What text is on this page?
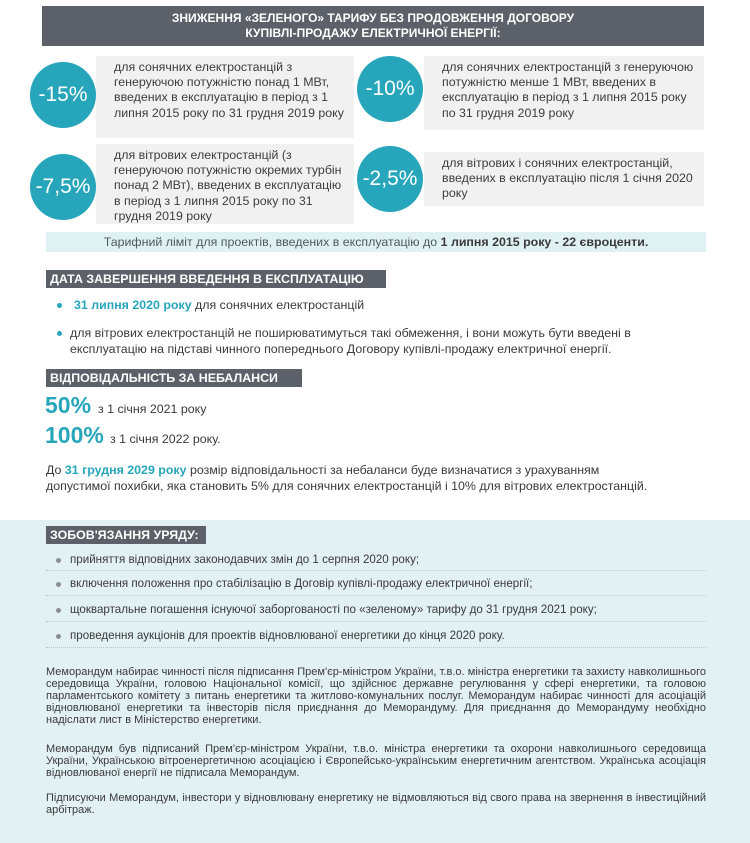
ЗНИЖЕННЯ «ЗЕЛЕНОГО» ТАРИФУ БЕЗ ПРОДОВЖЕННЯ ДОГОВОРУ
КУПІВЛІ-ПРОДАЖУ ЕЛЕКТРИЧНОЇ ЕНЕРГІЇ:
для сонячних електростанцій з генеруючою потужністю понад 1 МВт, введених в експлуатацію в період з 1 липня 2015 року по 31 грудня 2019 року
-15%
для сонячних електростанцій з генеруючою потужністю менше 1 МВт, введених в експлуатацію в період з 1 липня 2015 року по 31 грудня 2019 року
-10%
для вітрових електростанцій (з генеруючою потужністю окремих турбін понад 2 МВт), введених в експлуатацію в період з 1 липня 2015 року по 31 грудня 2019 року
-7,5%
для вітрових і сонячних електростанцій, введених в експлуатацію після 1 січня 2020 року
-2,5%
Тарифний ліміт для проектів, введених в експлуатацію до 1 липня 2015 року - 22 євроценти.
ДАТА ЗАВЕРШЕННЯ ВВЕДЕННЯ В ЕКСПЛУАТАЦІЮ
31 липня 2020 року для сонячних електростанцій
для вітрових електростанцій не поширюватимуться такі обмеження, і вони можуть бути введені в
експлуатацію на підставі чинного попереднього Договору купівлі-продажу електричної енергії.
ВІДПОВІДАЛЬНІСТЬ ЗА НЕБАЛАНСИ
50% з 1 січня 2021 року
100% з 1 січня 2022 року.
До 31 грудня 2029 року розмір відповідальності за небаланси буде визначатися з урахуванням
допустимої похибки, яка становить 5% для сонячних електростанцій і 10% для вітрових електростанцій.
ЗОБОВ'ЯЗАННЯ УРЯДУ:
прийняття відповідних законодавчих змін до 1 серпня 2020 року;
включення положення про стабілізацію в Договір купівлі-продажу електричної енергії;
щоквартальне погашення існуючої заборгованості по «зеленому» тарифу до 31 грудня 2021 року;
проведення аукціонів для проектів відновлюваної енергетики до кінця 2020 року.
Меморандум набирає чинності після підписання Прем'єр-міністром України, т.в.о. міністра енергетики та захисту навколишнього середовища України, головою Національної комісії, що здійснює державне регулювання у сфері енергетики, та головою парламентського комітету з питань енергетики та житлово-комунальних послуг. Меморандум набирає чинності для асоціацій відновлюваної енергетики та інвесторів після приєднання до Меморандуму. Для приєднання до Меморандуму необхідно надіслати лист в Міністерство енергетики.
Меморандум був підписаний Прем'єр-міністром України, т.в.о. міністра енергетики та охорони навколишнього середовища України, Українською вітроенергетичною асоціацією і Європейсько-українським енергетичним агентством. Українська асоціація відновлюваної енергії не підписала Меморандум.
Підписуючи Меморандум, інвестори у відновлювану енергетику не відмовляються від свого права на звернення в інвестиційний арбітраж.
